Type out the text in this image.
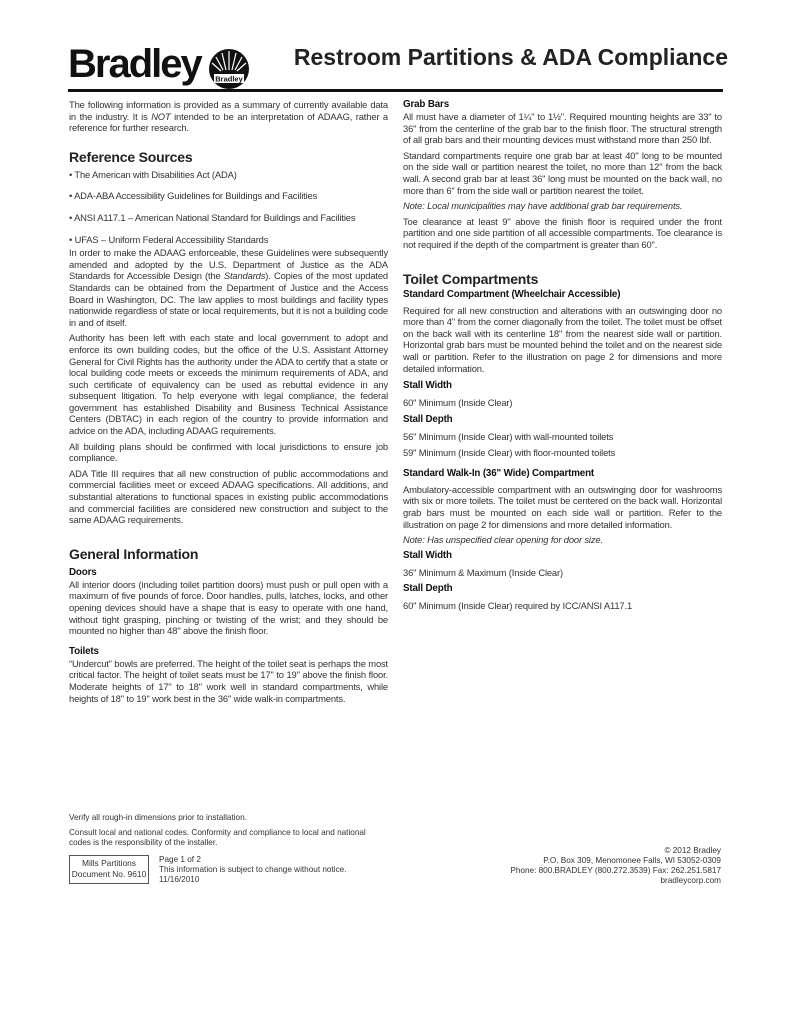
Bradley Bradley
Restroom Partitions & ADA Compliance

The following information is provided as a summary of currently available data in the industry. It is NOT intended to be an interpretation of ADAAG, rather a reference for further research.

Reference Sources
• The American with Disabilities Act (ADA)
• ADA-ABA Accessibility Guidelines for Buildings and Facilities
• ANSI A117.1 – American National Standard for Buildings and Facilities
• UFAS – Uniform Federal Accessibility Standards

In order to make the ADAAG enforceable, these Guidelines were subsequently amended and adopted by the U.S. Department of Justice as the ADA Standards for Accessible Design (the Standards). Copies of the most updated Standards can be obtained from the Department of Justice and the Access Board in Washington, DC. The law applies to most buildings and facility types nationwide regardless of state or local requirements, but it is not a building code in and of itself.

Authority has been left with each state and local government to adopt and enforce its own building codes, but the office of the U.S. Assistant Attorney General for Civil Rights has the authority under the ADA to certify that a state or local building code meets or exceeds the minimum requirements of ADA, and such certificate of equivalency can be used as rebuttal evidence in any subsequent litigation. To help everyone with legal compliance, the federal government has established Disability and Business Technical Assistance Centers (DBTAC) in each region of the country to provide information and advice on the ADA, including ADAAG requirements.

All building plans should be confirmed with local jurisdictions to ensure job compliance.

ADA Title III requires that all new construction of public accommodations and commercial facilities meet or exceed ADAAG specifications. All additions, and substantial alterations to functional spaces in existing public accommodations and commercial facilities are considered new construction and subject to the same ADAAG requirements.

General Information
Doors

All interior doors (including toilet partition doors) must push or pull open with a maximum of five pounds of force. Door handles, pulls, latches, locks, and other opening devices should have a shape that is easy to operate with one hand, without tight grasping, pinching or twisting of the wrist; and they should be mounted no higher than 48" above the finish floor.

Toilets

“Undercut” bowls are preferred. The height of the toilet seat is perhaps the most critical factor. The height of toilet seats must be 17" to 19" above the finish floor. Moderate heights of 17" to 18" work well in standard compartments, while heights of 18" to 19" work best in the 36" wide walk-in compartments.

Grab Bars

All must have a diameter of 1¼" to 1½". Required mounting heights are 33" to 36" from the centerline of the grab bar to the finish floor. The structural strength of all grab bars and their mounting devices must withstand more than 250 lbf.

Standard compartments require one grab bar at least 40" long to be mounted on the side wall or partition nearest the toilet, no more than 12" from the back wall. A second grab bar at least 36" long must be mounted on the back wall, no more than 6" from the side wall or partition nearest the toilet.

Note: Local municipalities may have additional grab bar requirements.

Toe clearance at least 9" above the finish floor is required under the front partition and one side partition of all accessible compartments. Toe clearance is not required if the depth of the compartment is greater than 60".

Toilet Compartments

Standard Compartment (Wheelchair Accessible)

Required for all new construction and alterations with an outswinging door no more than 4" from the corner diagonally from the toilet. The toilet must be offset on the back wall with its centerline 18" from the nearest side wall or partition. Horizontal grab bars must be mounted behind the toilet and on the nearest side wall or partition. Refer to the illustration on page 2 for dimensions and more detailed information.

Stall Width

60" Minimum (Inside Clear)

Stall Depth

56" Minimum (Inside Clear) with wall-mounted toilets

59" Minimum (Inside Clear) with floor-mounted toilets

Standard Walk-In (36" Wide) Compartment

Ambulatory-accessible compartment with an outswinging door for washrooms with six or more toilets. The toilet must be centered on the back wall. Horizontal grab bars must be mounted on each side wall or partition. Refer to the illustration on page 2 for dimensions and more detailed information.

Note: Has unspecified clear opening for door size.

Stall Width

36" Minimum & Maximum (Inside Clear)

Stall Depth

60" Minimum (Inside Clear) required by ICC/ANSI A117.1

Verify all rough-in dimensions prior to installation.
Consult local and national codes. Conformity and compliance to local and national codes is the responsibility of the installer.
Mills Partitions
Document No. 9610
Page 1 of 2
This information is subject to change without notice.
11/16/2010
© 2012 Bradley
P.O. Box 309, Menomonee Falls, WI 53052-0309
Phone: 800.BRADLEY (800.272.3539) Fax: 262.251.5817
bradleycorp.com
